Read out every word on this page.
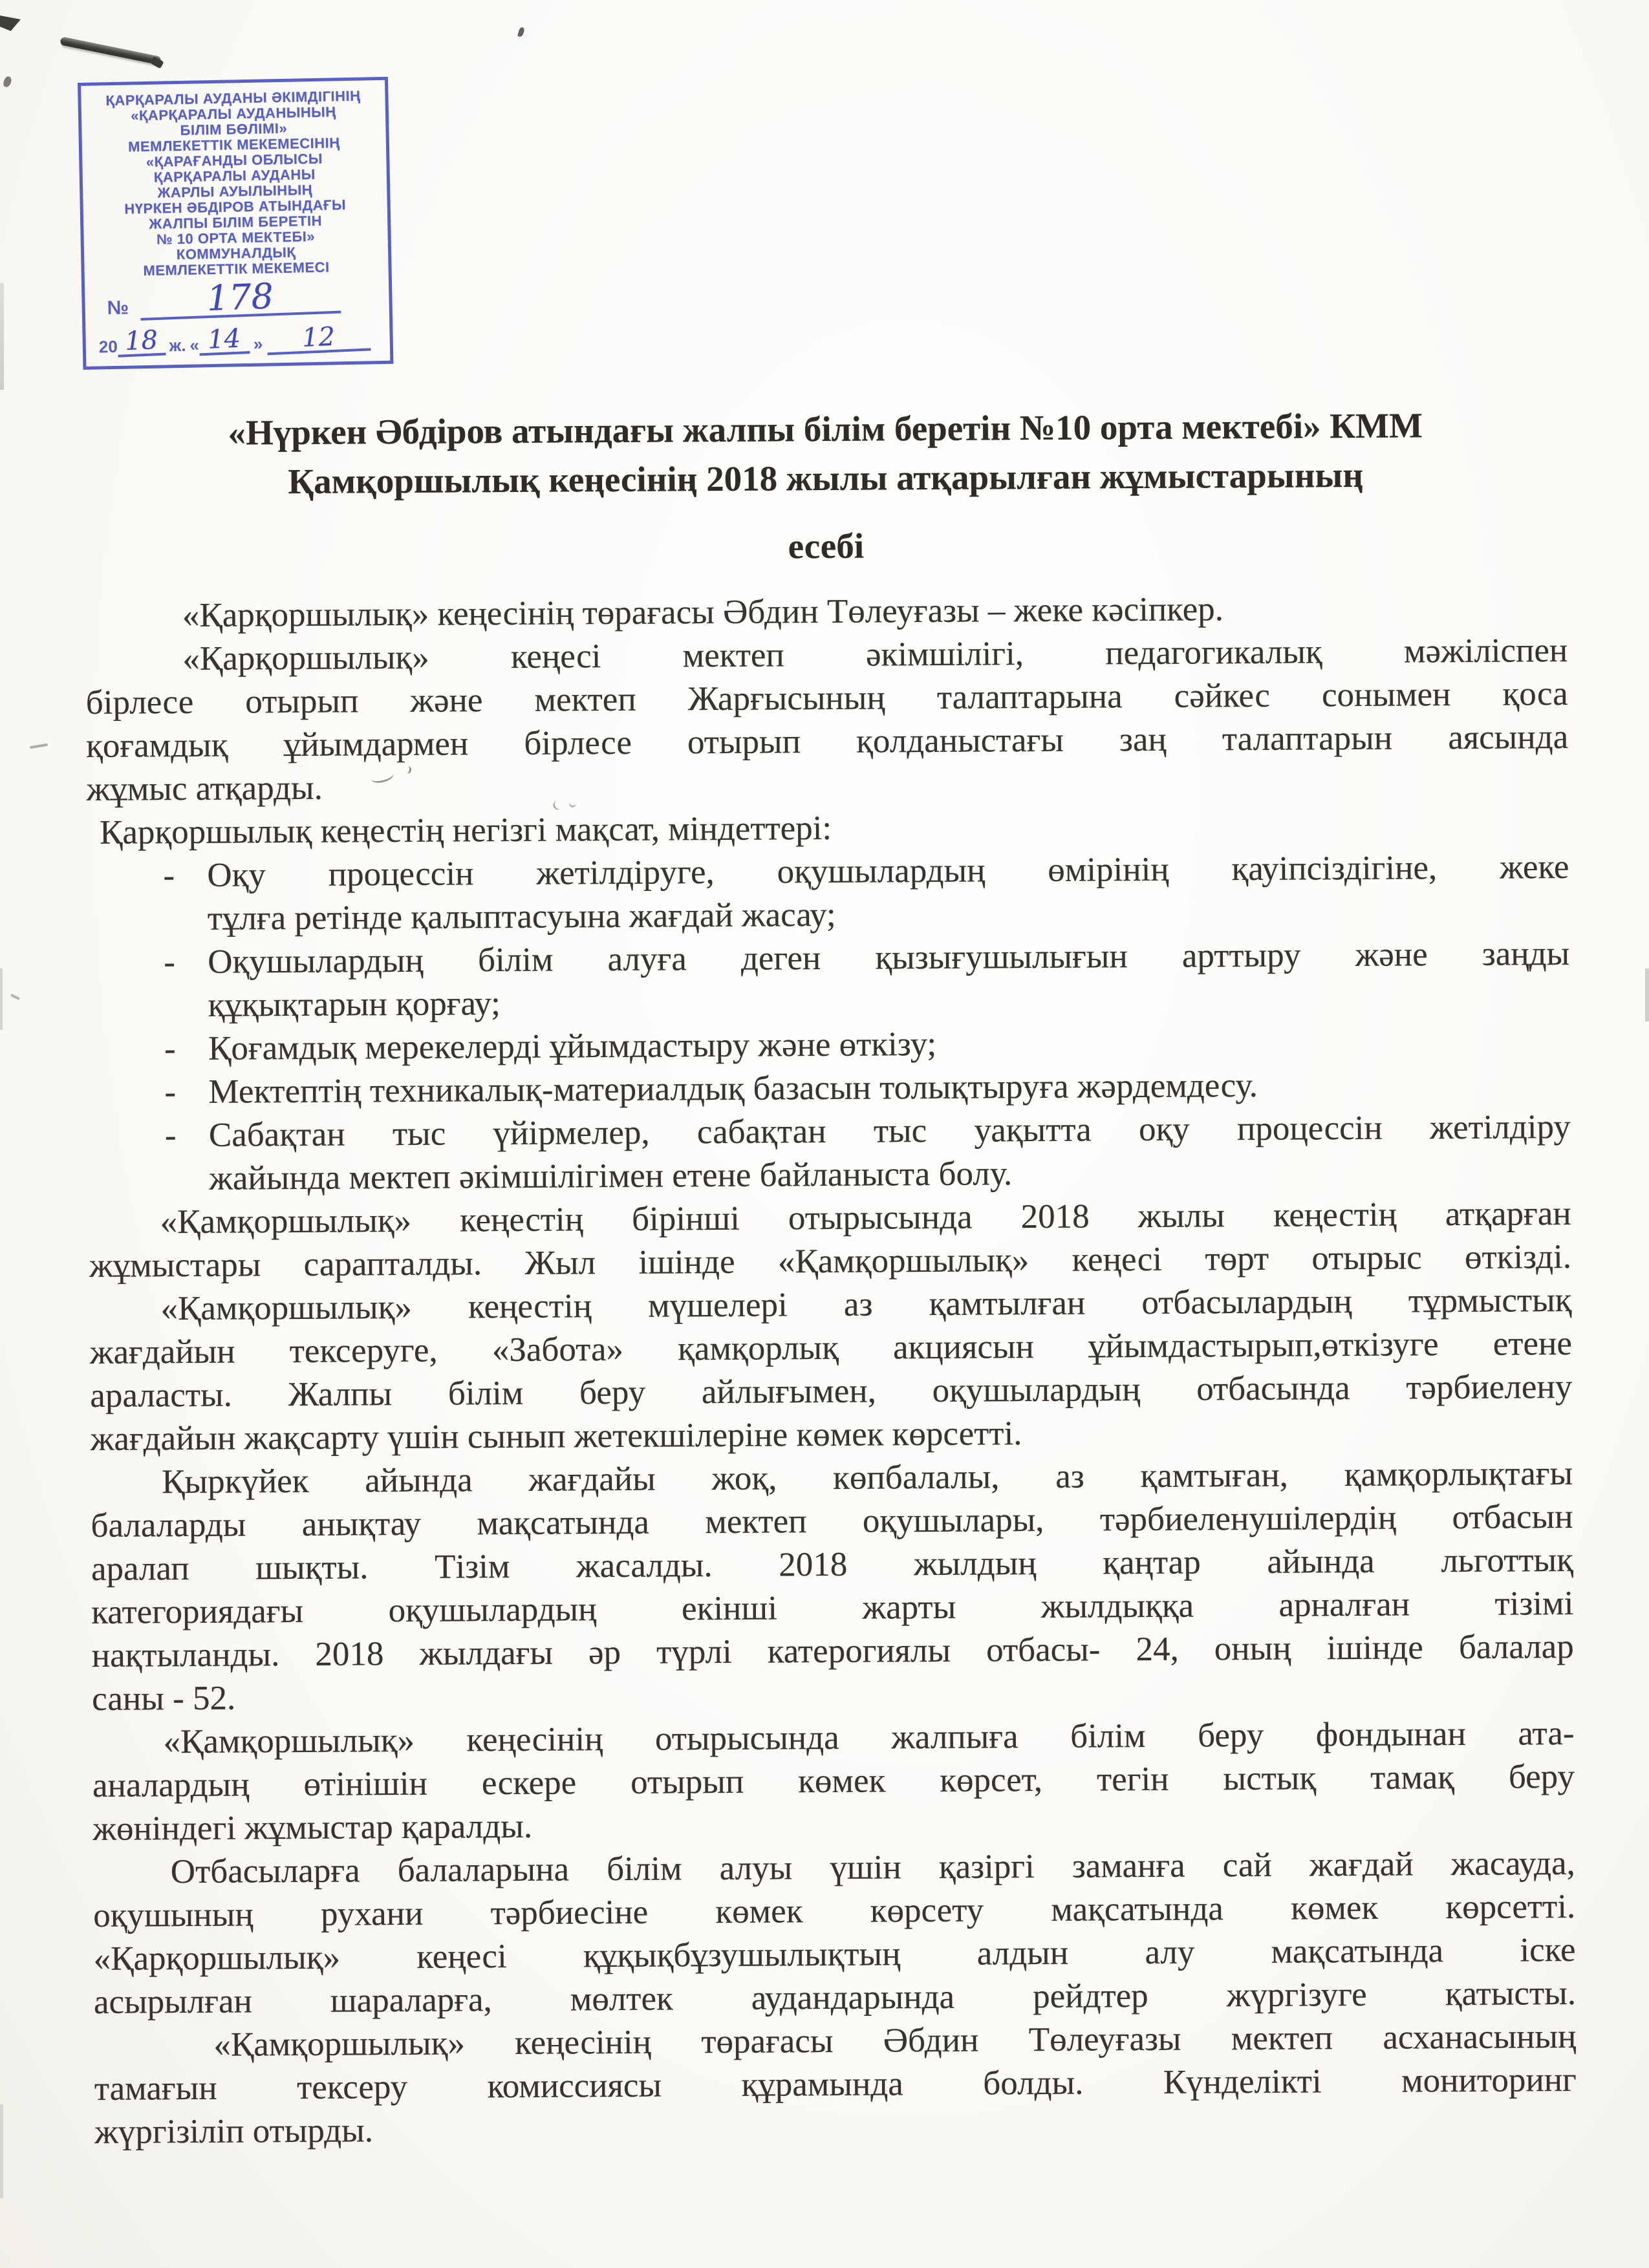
ҚАРҚАРАЛЫ АУДАНЫ ӘКІМДІГІНІҢ
«ҚАРҚАРАЛЫ АУДАНЫНЫҢ
БІЛІМ БӨЛІМІ»
МЕМЛЕКЕТТІК МЕКЕМЕСІНІҢ
«ҚАРАҒАНДЫ ОБЛЫСЫ
ҚАРҚАРАЛЫ АУДАНЫ
ЖАРЛЫ АУЫЛЫНЫҢ
НҮРКЕН ӘБДІРОВ АТЫНДАҒЫ
ЖАЛПЫ БІЛІМ БЕРЕТІН
№ 10 ОРТА МЕКТЕБІ»
КОММУНАЛДЫҚ
МЕМЛЕКЕТТІК МЕКЕМЕСІ
№	178
20 18 ж. « 14 »	12
«Нүркен Әбдіров атындағы жалпы білім беретін №10 орта мектебі» КММ
Қамқоршылық кеңесінің 2018 жылы атқарылған жұмыстарының
есебі
«Қарқоршылық» кеңесінің төрағасы Әбдин Төлеуғазы – жеке кәсіпкер.
«Қарқоршылық» кеңесі мектеп әкімшілігі, педагогикалық мәжіліспен
бірлесе отырып және мектеп Жарғысының талаптарына сәйкес сонымен қоса
қоғамдық ұйымдармен бірлесе отырып қолданыстағы заң талаптарын аясында
жұмыс атқарды.
Қарқоршылық кеңестің негізгі мақсат, міндеттері:
- Оқу процессін жетілдіруге, оқушылардың өмірінің қауіпсіздігіне, жеке
тұлға ретінде қалыптасуына жағдай жасау;
- Оқушылардың білім алуға деген қызығушылығын арттыру және заңды
құқықтарын қорғау;
- Қоғамдық мерекелерді ұйымдастыру және өткізу;
- Мектептің техникалық-материалдық базасын толықтыруға жәрдемдесу.
- Сабақтан тыс үйірмелер, сабақтан тыс уақытта оқу процессін жетілдіру
жайында мектеп әкімшілігімен етене байланыста болу.
«Қамқоршылық» кеңестің бірінші отырысында 2018 жылы кеңестің атқарған
жұмыстары сарапталды. Жыл ішінде «Қамқоршылық» кеңесі төрт отырыс өткізді.
«Қамқоршылық» кеңестің мүшелері аз қамтылған отбасылардың тұрмыстық
жағдайын тексеруге, «Забота» қамқорлық акциясын ұйымдастырып,өткізуге етене
араласты. Жалпы білім беру айлығымен, оқушылардың отбасында тәрбиелену
жағдайын жақсарту үшін сынып жетекшілеріне көмек көрсетті.
Қыркүйек айында жағдайы жоқ, көпбалалы, аз қамтыған, қамқорлықтағы
балаларды анықтау мақсатында мектеп оқушылары, тәрбиеленушілердің отбасын
аралап шықты. Тізім жасалды. 2018 жылдың қаңтар айында льготтық
категориядағы оқушылардың екінші жарты жылдыққа арналған тізімі
нақтыланды. 2018 жылдағы әр түрлі катерогиялы отбасы- 24, оның ішінде балалар
саны - 52.
«Қамқоршылық» кеңесінің отырысында жалпыға білім беру фондынан ата-
аналардың өтінішін ескере отырып көмек көрсет, тегін ыстық тамақ беру
жөніндегі жұмыстар қаралды.
Отбасыларға балаларына білім алуы үшін қазіргі заманға сай жағдай жасауда,
оқушының рухани тәрбиесіне көмек көрсету мақсатында көмек көрсетті.
«Қарқоршылық» кеңесі құқықбұзушылықтың алдын алу мақсатында іске
асырылған шараларға, мөлтек аудандарында рейдтер жүргізуге қатысты.
«Қамқоршылық» кеңесінің төрағасы Әбдин Төлеуғазы мектеп асханасының
тамағын тексеру комиссиясы құрамында болды. Күнделікті мониторинг
жүргізіліп отырды.
